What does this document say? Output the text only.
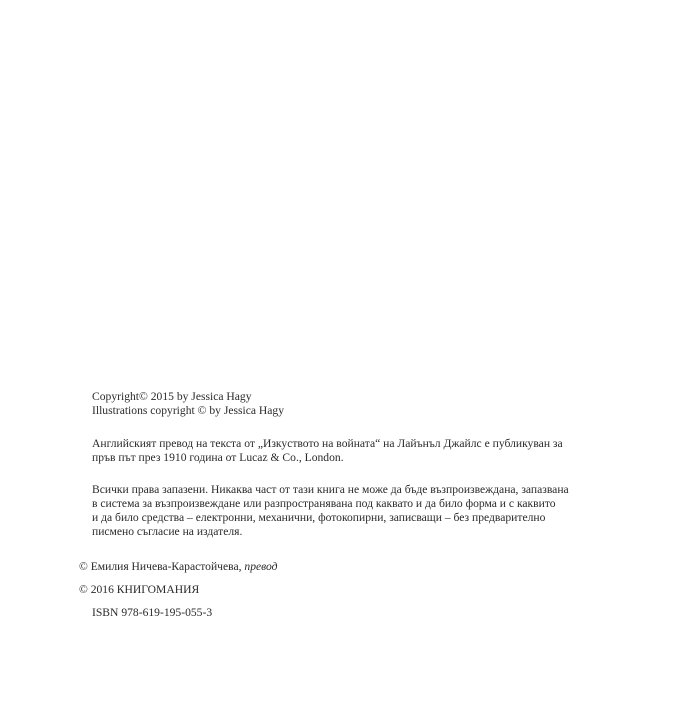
Copyright© 2015 by Jessica Hagy
Illustrations copyright © by Jessica Hagy
Английският превод на текста от „Изкуството на войната“ на Лайънъл Джайлс е публикуван за
пръв път през 1910 година от Lucaz & Co., London.
Всички права запазени. Никаква част от тази книга не може да бъде възпроизвеждана, запазвана
в система за възпроизвеждане или разпространявана под каквато и да било форма и с каквито
и да било средства – електронни, механични, фотокопирни, записващи – без предварително
писмено съгласие на издателя.
© Емилия Ничева-Карастойчева, превод
© 2016 КНИГОМАНИЯ
ISBN 978-619-195-055-3
